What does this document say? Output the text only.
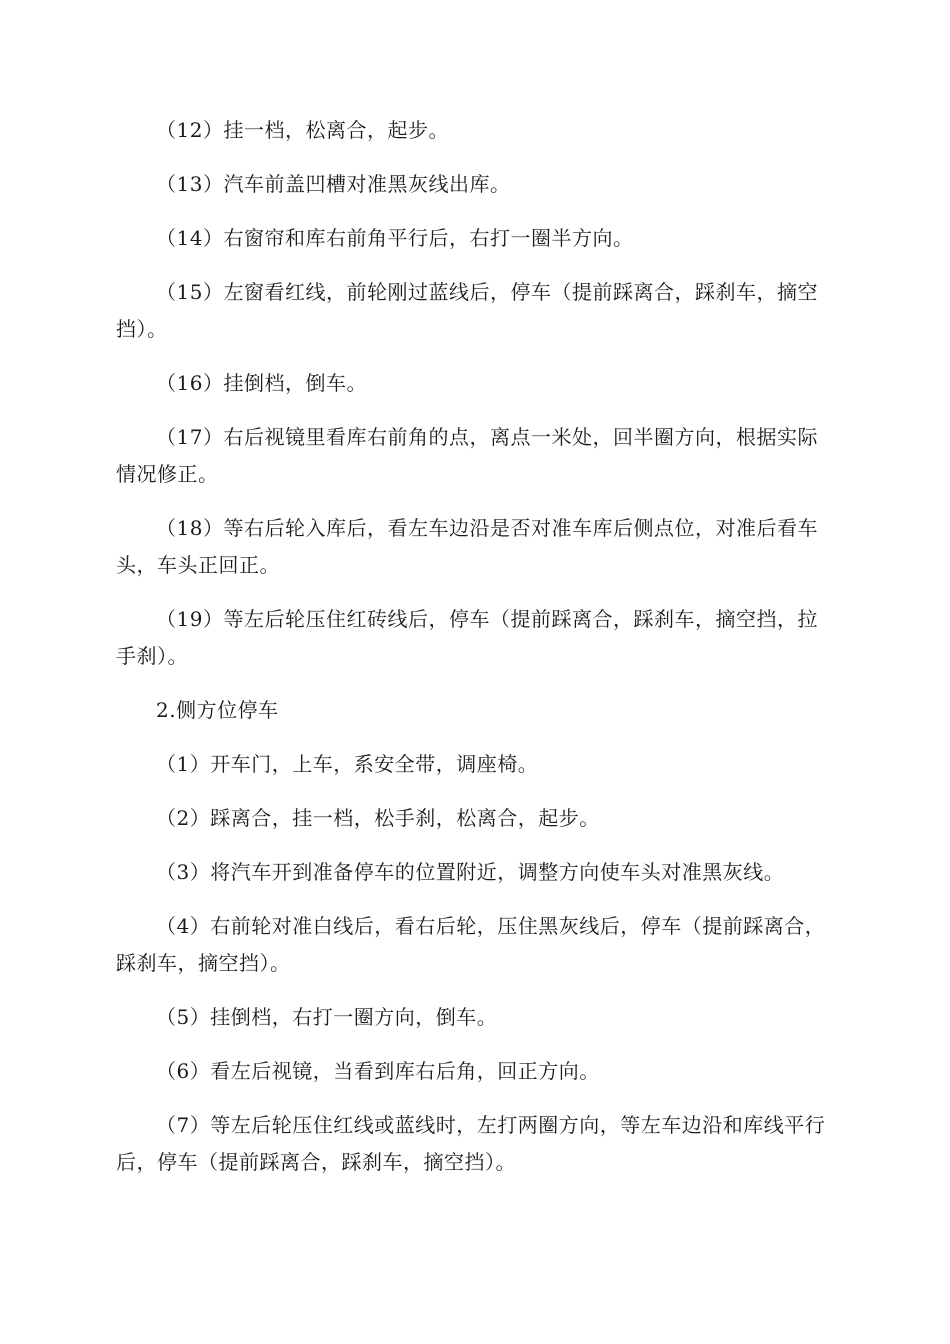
（12）挂一档，松离合，起步。

（13）汽车前盖凹槽对准黑灰线出库。

（14）右窗帘和库右前角平行后，右打一圈半方向。

（15）左窗看红线，前轮刚过蓝线后，停车（提前踩离合，踩刹车，摘空挡）。

（16）挂倒档，倒车。

（17）右后视镜里看库右前角的点，离点一米处，回半圈方向，根据实际情况修正。

（18）等右后轮入库后，看左车边沿是否对准车库后侧点位，对准后看车头，车头正回正。

（19）等左后轮压住红砖线后，停车（提前踩离合，踩刹车，摘空挡，拉手刹）。

2.侧方位停车

（1）开车门，上车，系安全带，调座椅。

（2）踩离合，挂一档，松手刹，松离合，起步。

（3）将汽车开到准备停车的位置附近，调整方向使车头对准黑灰线。

（4）右前轮对准白线后，看右后轮，压住黑灰线后，停车（提前踩离合，踩刹车，摘空挡）。

（5）挂倒档，右打一圈方向，倒车。

（6）看左后视镜，当看到库右后角，回正方向。

（7）等左后轮压住红线或蓝线时，左打两圈方向，等左车边沿和库线平行后，停车（提前踩离合，踩刹车，摘空挡）。
